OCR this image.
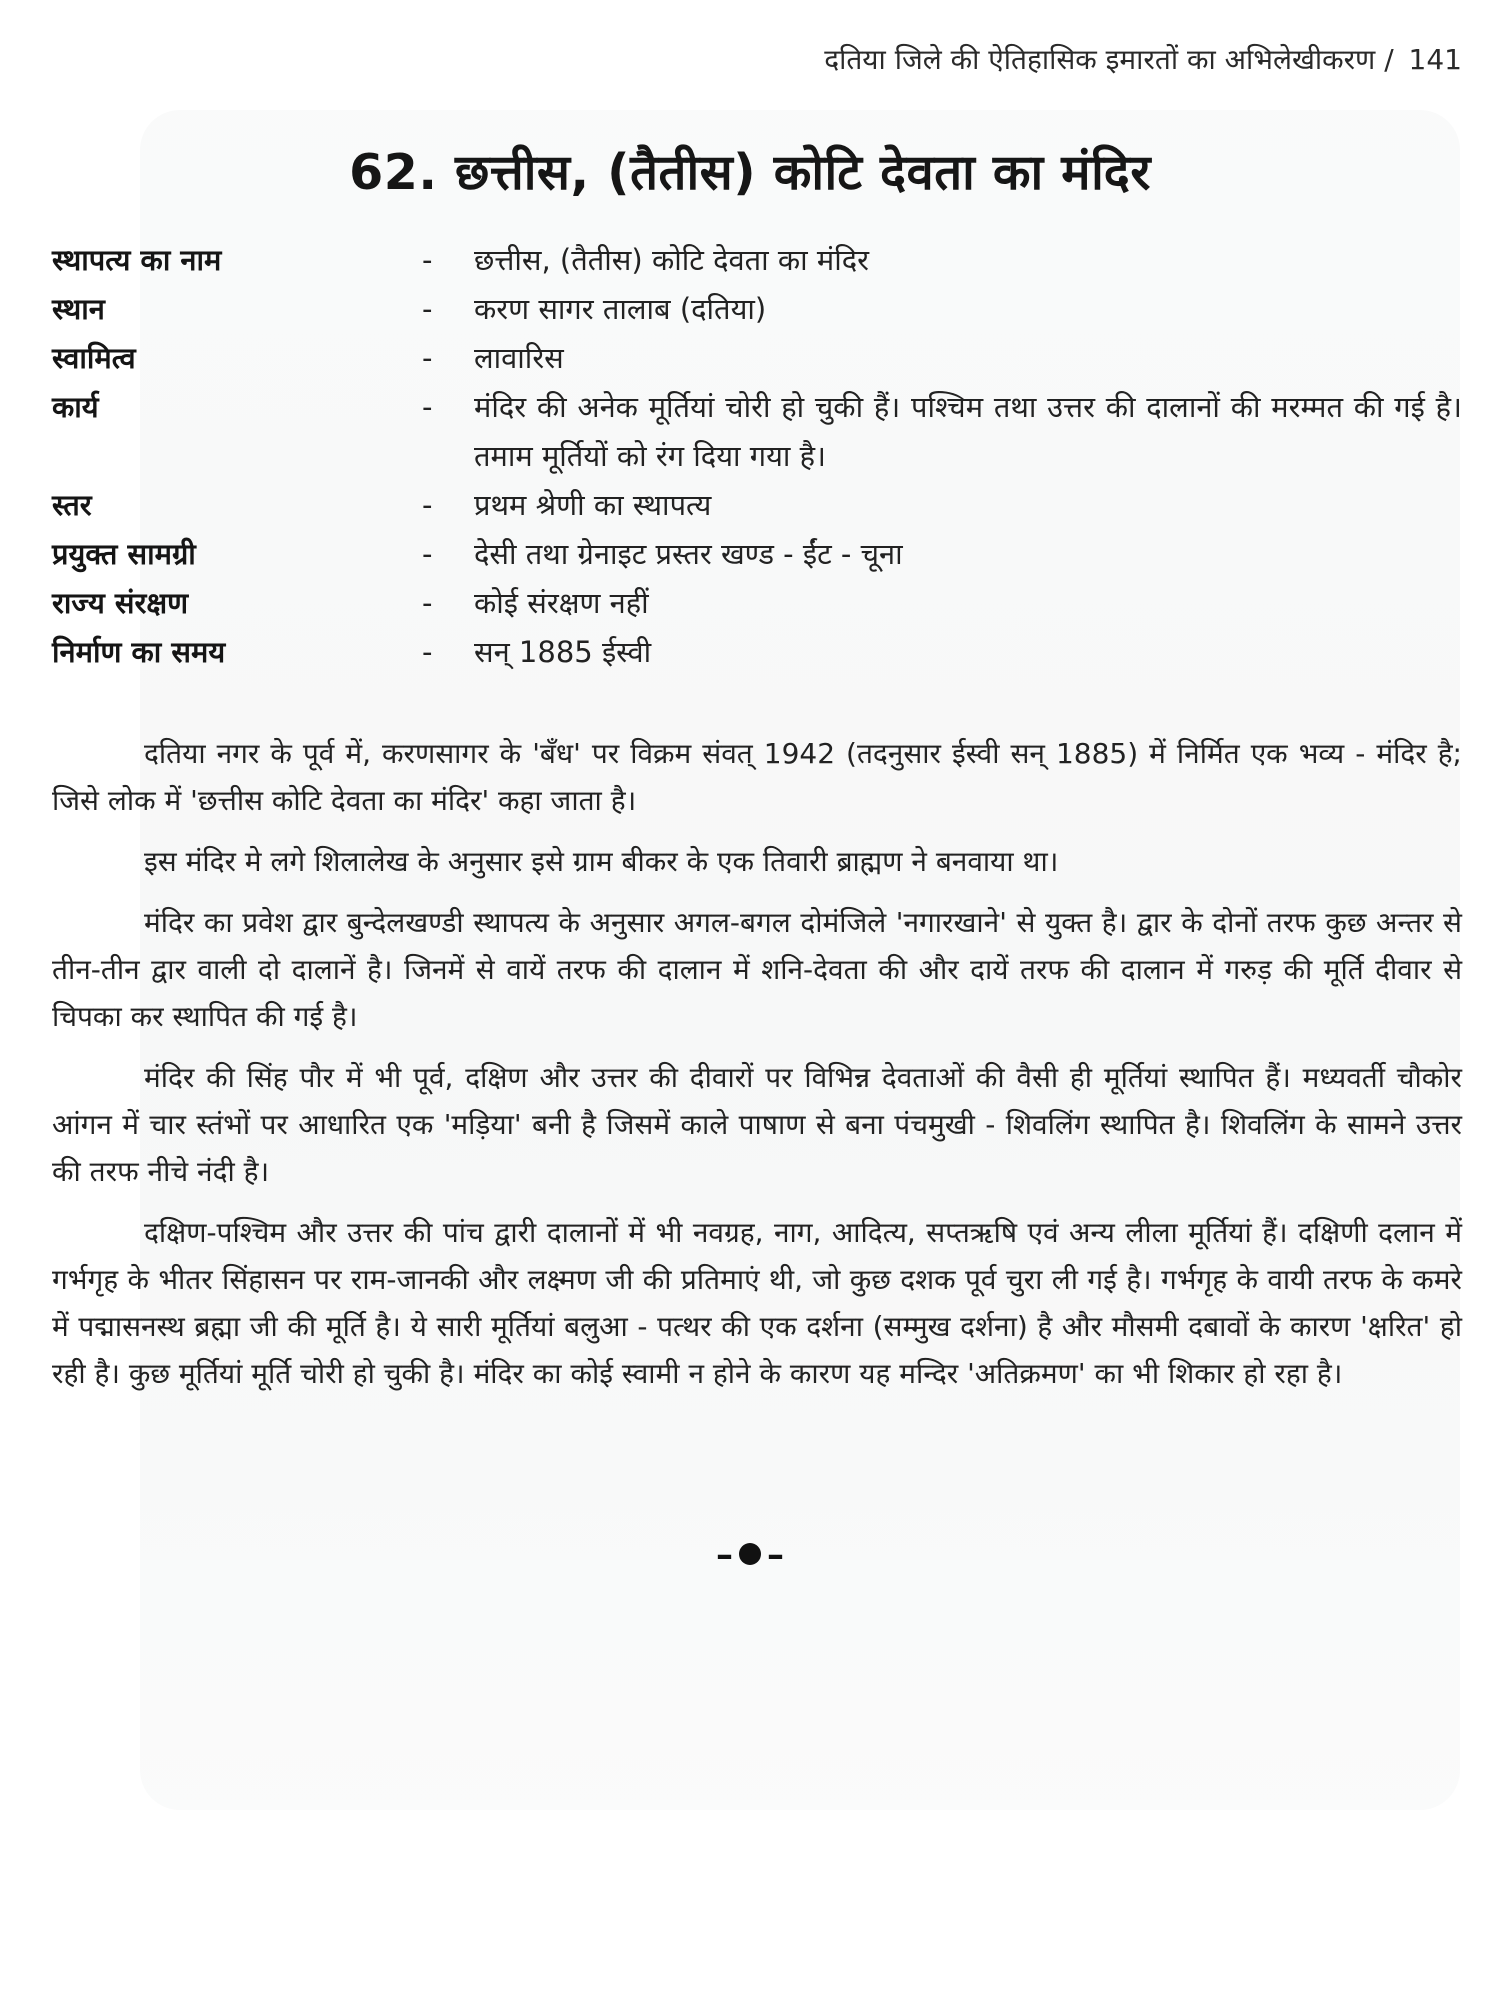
दतिया जिले की ऐतिहासिक इमारतों का अभिलेखीकरण / 141
62. छत्तीस, (तैतीस) कोटि देवता का मंदिर
स्थापत्य का नाम	-	छत्तीस, (तैतीस) कोटि देवता का मंदिर
स्थान	-	करण सागर तालाब (दतिया)
स्वामित्व	-	लावारिस
कार्य	-	मंदिर की अनेक मूर्तियां चोरी हो चुकी हैं। पश्चिम तथा उत्तर की दालानों की मरम्मत की गई है। तमाम मूर्तियों को रंग दिया गया है।
स्तर	-	प्रथम श्रेणी का स्थापत्य
प्रयुक्त सामग्री	-	देसी तथा ग्रेनाइट प्रस्तर खण्ड - ईंट - चूना
राज्य संरक्षण	-	कोई संरक्षण नहीं
निर्माण का समय	-	सन् 1885 ईस्वी

दतिया नगर के पूर्व में, करणसागर के 'बँध' पर विक्रम संवत् 1942 (तदनुसार ईस्वी सन् 1885) में निर्मित एक भव्य - मंदिर है; जिसे लोक में 'छत्तीस कोटि देवता का मंदिर' कहा जाता है।

इस मंदिर मे लगे शिलालेख के अनुसार इसे ग्राम बीकर के एक तिवारी ब्राह्मण ने बनवाया था।

मंदिर का प्रवेश द्वार बुन्देलखण्डी स्थापत्य के अनुसार अगल-बगल दोमंजिले 'नगारखाने' से युक्त है। द्वार के दोनों तरफ कुछ अन्तर से तीन-तीन द्वार वाली दो दालानें है। जिनमें से वायें तरफ की दालान में शनि-देवता की और दायें तरफ की दालान में गरुड़ की मूर्ति दीवार से चिपका कर स्थापित की गई है।

मंदिर की सिंह पौर में भी पूर्व, दक्षिण और उत्तर की दीवारों पर विभिन्न देवताओं की वैसी ही मूर्तियां स्थापित हैं। मध्यवर्ती चौकोर आंगन में चार स्तंभों पर आधारित एक 'मड़िया' बनी है जिसमें काले पाषाण से बना पंचमुखी - शिवलिंग स्थापित है। शिवलिंग के सामने उत्तर की तरफ नीचे नंदी है।

दक्षिण-पश्चिम और उत्तर की पांच द्वारी दालानों में भी नवग्रह, नाग, आदित्य, सप्तऋषि एवं अन्य लीला मूर्तियां हैं। दक्षिणी दलान में गर्भगृह के भीतर सिंहासन पर राम-जानकी और लक्ष्मण जी की प्रतिमाएं थी, जो कुछ दशक पूर्व चुरा ली गई है। गर्भगृह के वायी तरफ के कमरे में पद्मासनस्थ ब्रह्मा जी की मूर्ति है। ये सारी मूर्तियां बलुआ - पत्थर की एक दर्शना (सम्मुख दर्शना) है और मौसमी दबावों के कारण 'क्षरित' हो रही है। कुछ मूर्तियां मूर्ति चोरी हो चुकी है। मंदिर का कोई स्वामी न होने के कारण यह मन्दिर 'अतिक्रमण' का भी शिकार हो रहा है।

– –
